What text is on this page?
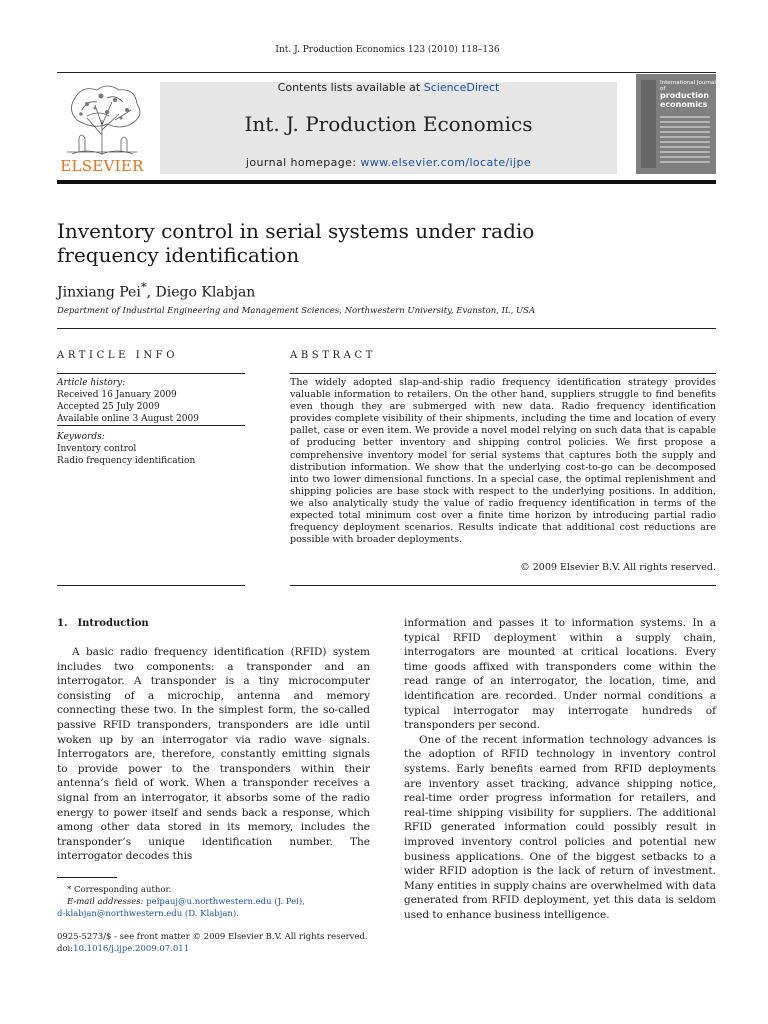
Int. J. Production Economics 123 (2010) 118–136
ELSEVIER
Contents lists available at ScienceDirect
Int. J. Production Economics
journal homepage: www.elsevier.com/locate/ijpe
International Journal of
production
economics
Inventory control in serial systems under radio frequency identification
Jinxiang Pei*, Diego Klabjan
Department of Industrial Engineering and Management Sciences, Northwestern University, Evanston, IL, USA
ARTICLE INFO	ABSTRACT
Article history:
Received 16 January 2009
Accepted 25 July 2009
Available online 3 August 2009
Keywords:
Inventory control
Radio frequency identification
The widely adopted slap-and-ship radio frequency identification strategy provides valuable information to retailers. On the other hand, suppliers struggle to find benefits even though they are submerged with new data. Radio frequency identification provides complete visibility of their shipments, including the time and location of every pallet, case or even item. We provide a novel model relying on such data that is capable of producing better inventory and shipping control policies. We first propose a comprehensive inventory model for serial systems that captures both the supply and distribution information. We show that the underlying cost-to-go can be decomposed into two lower dimensional functions. In a special case, the optimal replenishment and shipping policies are base stock with respect to the underlying positions. In addition, we also analytically study the value of radio frequency identification in terms of the expected total minimum cost over a finite time horizon by introducing partial radio frequency deployment scenarios. Results indicate that additional cost reductions are possible with broader deployments.
© 2009 Elsevier B.V. All rights reserved.
1. Introduction

A basic radio frequency identification (RFID) system includes two components: a transponder and an interrogator. A transponder is a tiny microcomputer consisting of a microchip, antenna and memory connecting these two. In the simplest form, the so-called passive RFID transponders, transponders are idle until woken up by an interrogator via radio wave signals. Interrogators are, therefore, constantly emitting signals to provide power to the transponders within their antenna’s field of work. When a transponder receives a signal from an interrogator, it absorbs some of the radio energy to power itself and sends back a response, which among other data stored in its memory, includes the transponder’s unique identification number. The interrogator decodes this

information and passes it to information systems. In a typical RFID deployment within a supply chain, interrogators are mounted at critical locations. Every time goods affixed with transponders come within the read range of an interrogator, the location, time, and identification are recorded. Under normal conditions a typical interrogator may interrogate hundreds of transponders per second.

One of the recent information technology advances is the adoption of RFID technology in inventory control systems. Early benefits earned from RFID deployments are inventory asset tracking, advance shipping notice, real-time order progress information for retailers, and real-time shipping visibility for suppliers. The additional RFID generated information could possibly result in improved inventory control policies and potential new business applications. One of the biggest setbacks to a wider RFID adoption is the lack of return of investment. Many entities in supply chains are overwhelmed with data generated from RFID deployment, yet this data is seldom used to enhance business intelligence.

* Corresponding author.
E-mail addresses: peipauj@u.northwestern.edu (J. Pei),
d-klabjan@northwestern.edu (D. Klabjan).
0925-5273/$ - see front matter © 2009 Elsevier B.V. All rights reserved.
doi:10.1016/j.ijpe.2009.07.011
